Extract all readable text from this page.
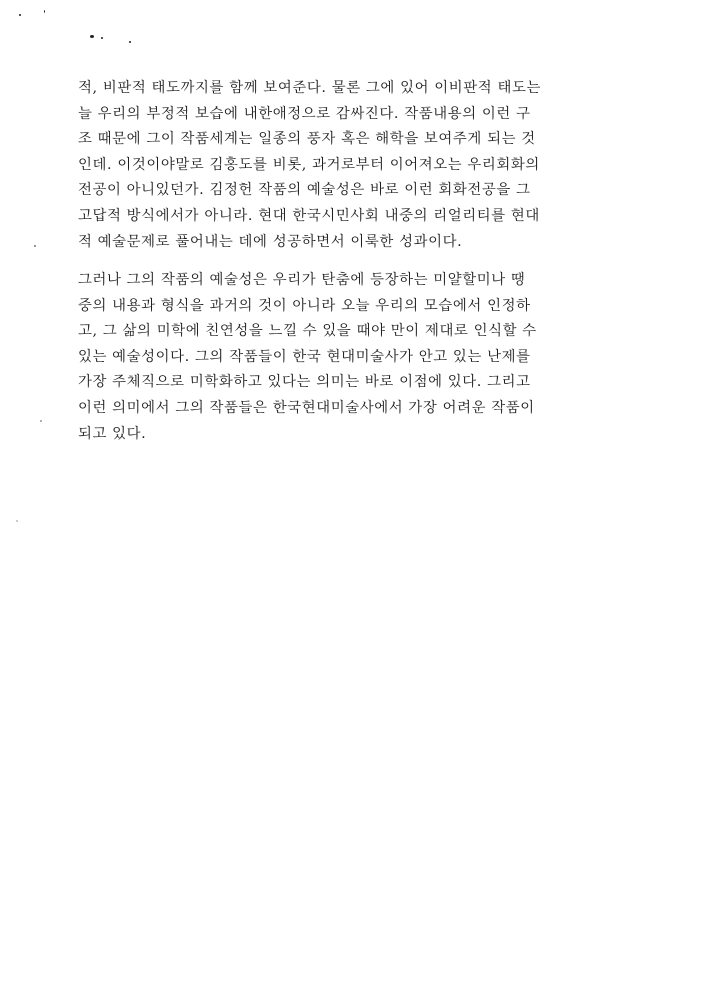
적, 비판적 태도까지를 함께 보여준다. 물론 그에 있어 이비판적 태도는
늘 우리의 부정적 보습에 내한애정으로 감싸진다. 작품내용의 이런 구
조 때문에 그이 작품세계는 일종의 풍자 혹은 해학을 보여주게 되는 것
인데. 이것이야말로 김홍도를 비롯, 과거로부터 이어져오는 우리회화의
전공이 아니있던가. 김정헌 작품의 예술성은 바로 이런 회화전공을 그
고답적 방식에서가 아니라. 현대 한국시민사회 내중의 리얼리티를 현대
적 예술문제로 풀어내는 데에 성공하면서 이룩한 성과이다.

그러나 그의 작품의 예술성은 우리가 탄춤에 등장하는 미얄할미나 땡
중의 내용과 형식을 과거의 것이 아니라 오늘 우리의 모습에서 인정하
고, 그 삶의 미학에 친연성을 느낄 수 있을 때야 만이 제대로 인식할 수
있는 예술성이다. 그의 작품들이 한국 현대미술사가 안고 있는 난제를
가장 주체직으로 미학화하고 있다는 의미는 바로 이점에 있다. 그리고
이런 의미에서 그의 작품들은 한국현대미술사에서 가장 어려운 작품이
되고 있다.
